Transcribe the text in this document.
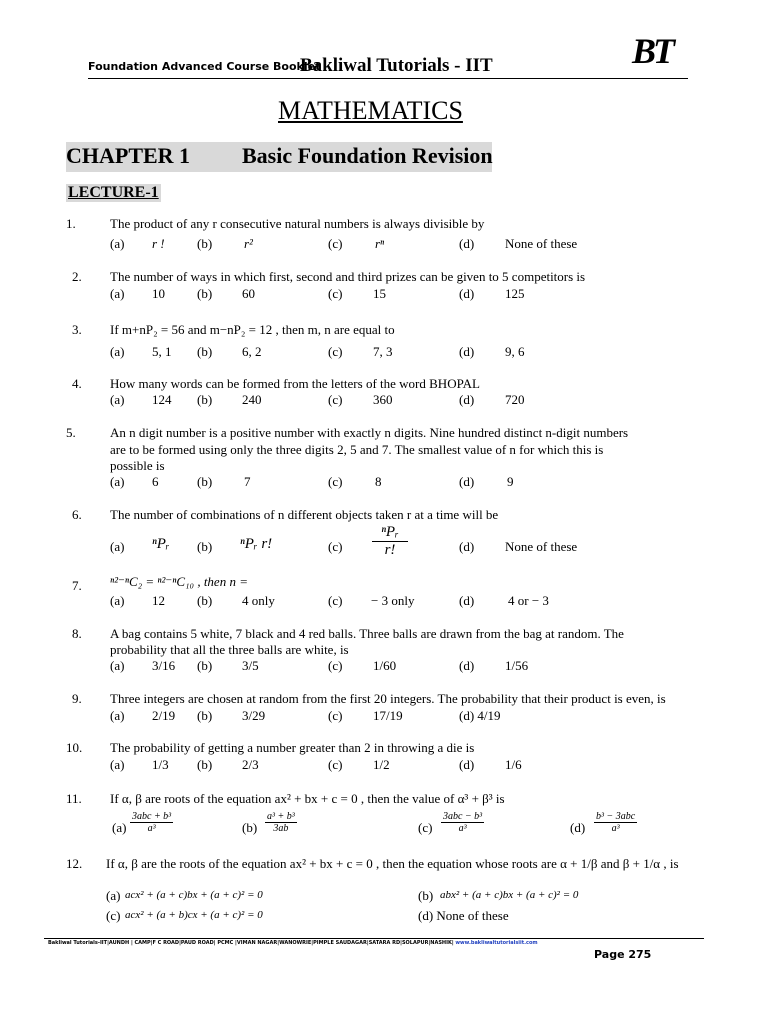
Foundation Advanced Course Booklet
Bakliwal Tutorials - IIT	BT
MATHEMATICS
CHAPTER 1 Basic Foundation Revision
LECTURE-1
1.	The product of any r consecutive natural numbers is always divisible by
(a) r ! (b) r²	(c)	rⁿ	(d) None of these
2. The number of ways in which first, second and third prizes can be given to 5 competitors is
(a) 10 (b) 60	(c) 15	(d) 125
3. If m+nP₂ = 56 and m−nP₂ = 12 , then m, n are equal to
(a) 5, 1 (b) 6, 2	(c) 7, 3	(d) 9, 6
4. How many words can be formed from the letters of the word BHOPAL
(a) 124 (b) 240	(c) 360	(d) 720
5.	An n digit number is a positive number with exactly n digits. Nine hundred distinct n-digit numbers
are to be formed using only the three digits 2, 5 and 7. The smallest value of n for which this is
possible is
(a) 6	(b) 7	(c)	8	(d)	9
6. The number of combinations of n different objects taken r at a time will be
(a) ⁿPᵣ (b) ⁿPᵣ r!	(c)
ⁿPᵣ
r!	(d) None of these
7. ⁿ²⁻ⁿC₂ = ⁿ²⁻ⁿC₁₀ , then n =
(a) 12 (b) 4 only	(c) − 3 only	(d)	4 or − 3
8. A bag contains 5 white, 7 black and 4 red balls. Three balls are drawn from the bag at random. The
probability that all the three balls are white, is
(a) 3/16 (b) 3/5	(c) 1/60	(d) 1/56
9. Three integers are chosen at random from the first 20 integers. The probability that their product is even, is
(a) 2/19 (b) 3/29	(c) 17/19	(d) 4/19
10. The probability of getting a number greater than 2 in throwing a die is
(a) 1/3 (b) 2/3	(c) 1/2	(d) 1/6
11. If α, β are roots of the equation ax² + bx + c = 0 , then the value of α³ + β³ is
(a)
3abc + b³
a³	$(b) \frac{\text{a³ + b³}}{3ab}$	(c)
3abc − b³
a³	(d)
b³ − 3abc
a³
12. If α, β are the roots of the equation ax² + bx + c = 0 , then the equation whose roots are α + 1/β and β + 1/α , is
(a) acx² + (a + c)bx + (a + c)² = 0	(b) abx² + (a + c)bx + (a + c)² = 0
(c) acx² + (a + b)cx + (a + c)² = 0	(d) None of these
Bakliwal Tutorials-IIT|AUNDH | CAMP|F C ROAD|PAUD ROAD| PCMC |VIMAN NAGAR|WANOWRIE|PIMPLE SAUDAGAR|SATARA RD|SOLAPUR|NASHIK| www.bakliwaltutorialsiit.com
Page 275
